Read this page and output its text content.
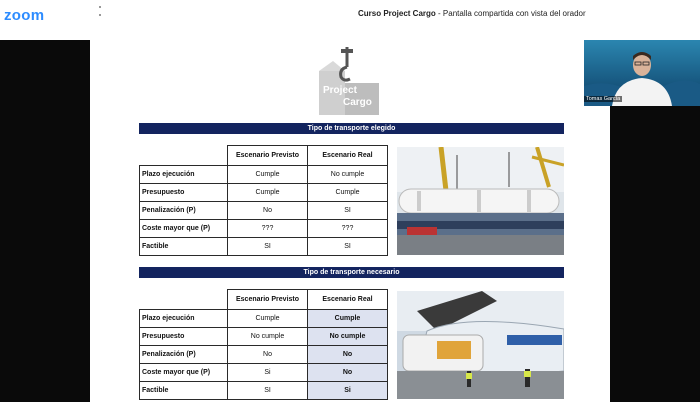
zoom	Curso Project Cargo - Pantalla compartida con vista del orador
Project
Cargo
Tipo de transporte elegido
	Escenario Previsto	Escenario Real
Plazo ejecución	Cumple	No cumple
Presupuesto	Cumple	Cumple
Penalización (P)	No	SI
Coste mayor que (P)	???	???
Factible	SI	SI
Tipo de transporte necesario
	Escenario Previsto	Escenario Real
Plazo ejecución	Cumple	Cumple
Presupuesto	No cumple	No cumple
Penalización (P)	No	No
Coste mayor que (P)	Si	No
Factible	SI	Si
Tomas García
